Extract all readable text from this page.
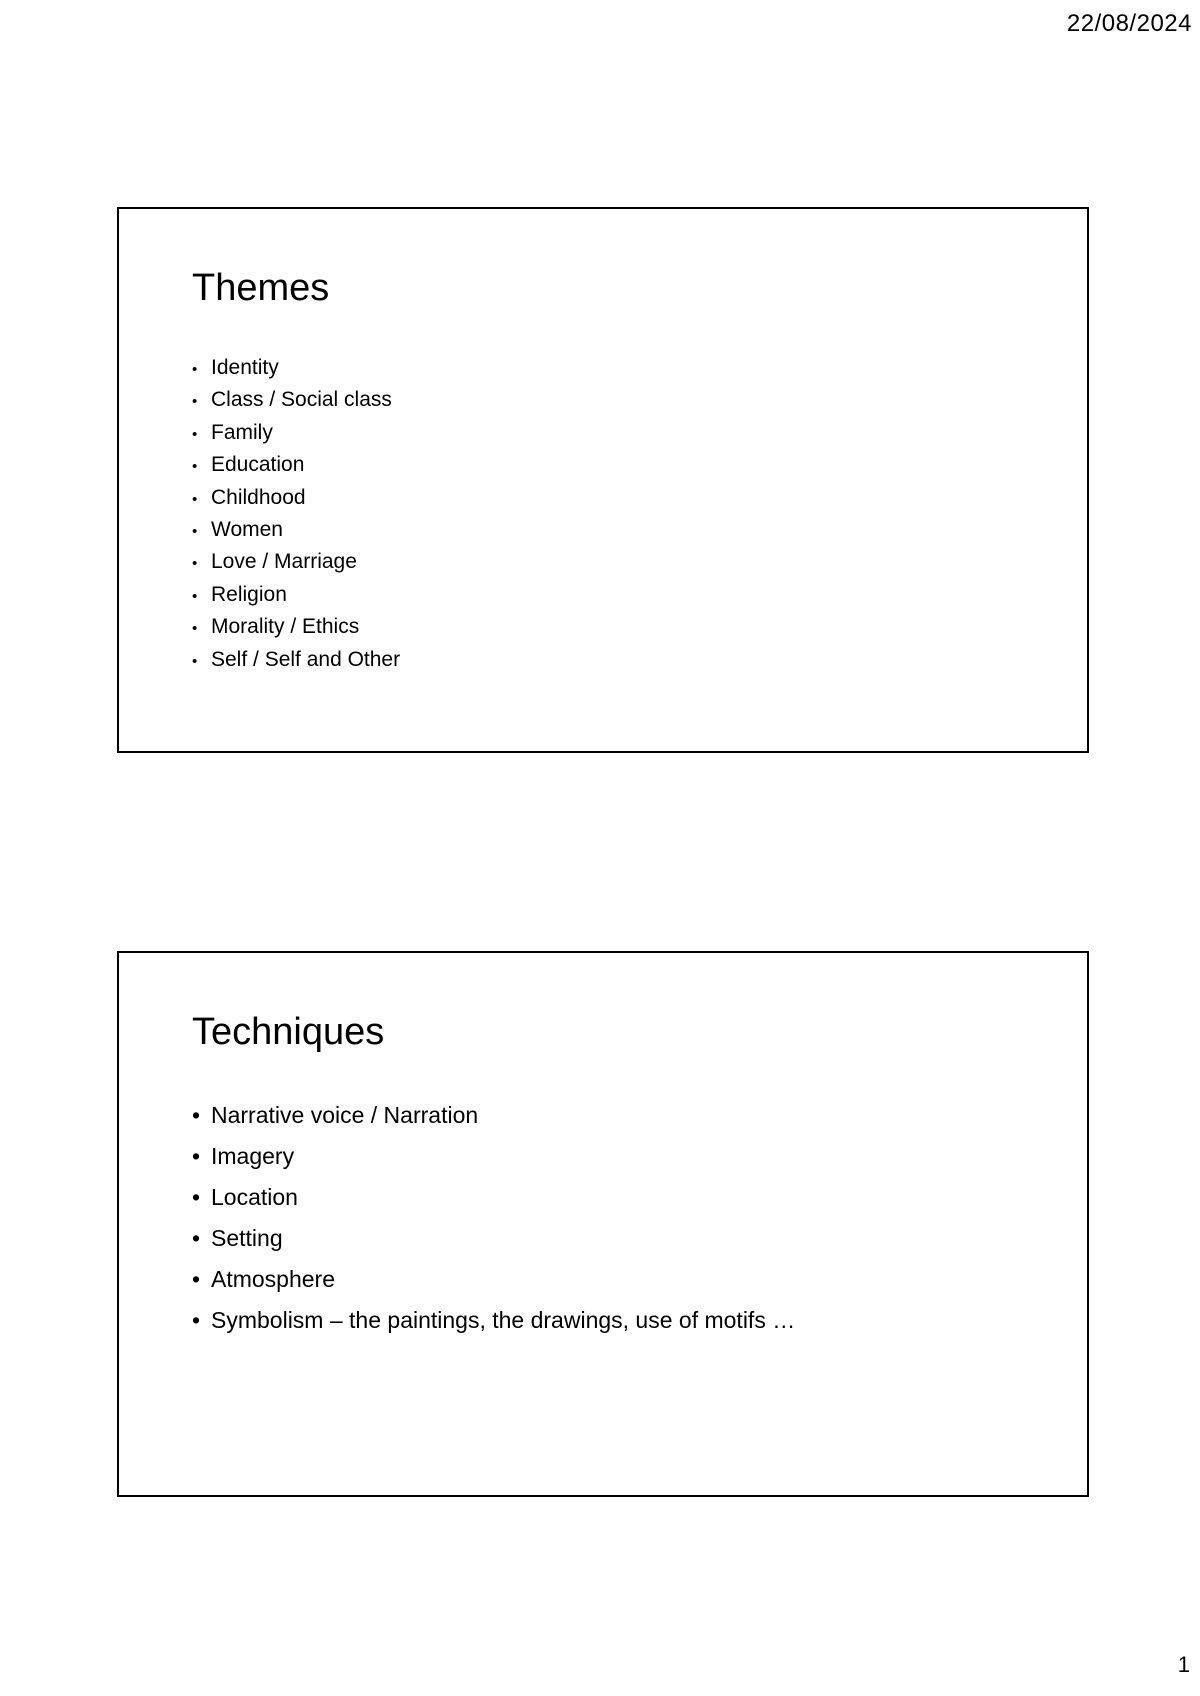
22/08/2024
Themes
• Identity
• Class / Social class
• Family
• Education
• Childhood
• Women
• Love / Marriage
• Religion
• Morality / Ethics
• Self / Self and Other
Techniques
• Narrative voice / Narration
• Imagery
• Location
• Setting
• Atmosphere
• Symbolism – the paintings, the drawings, use of motifs …
1
